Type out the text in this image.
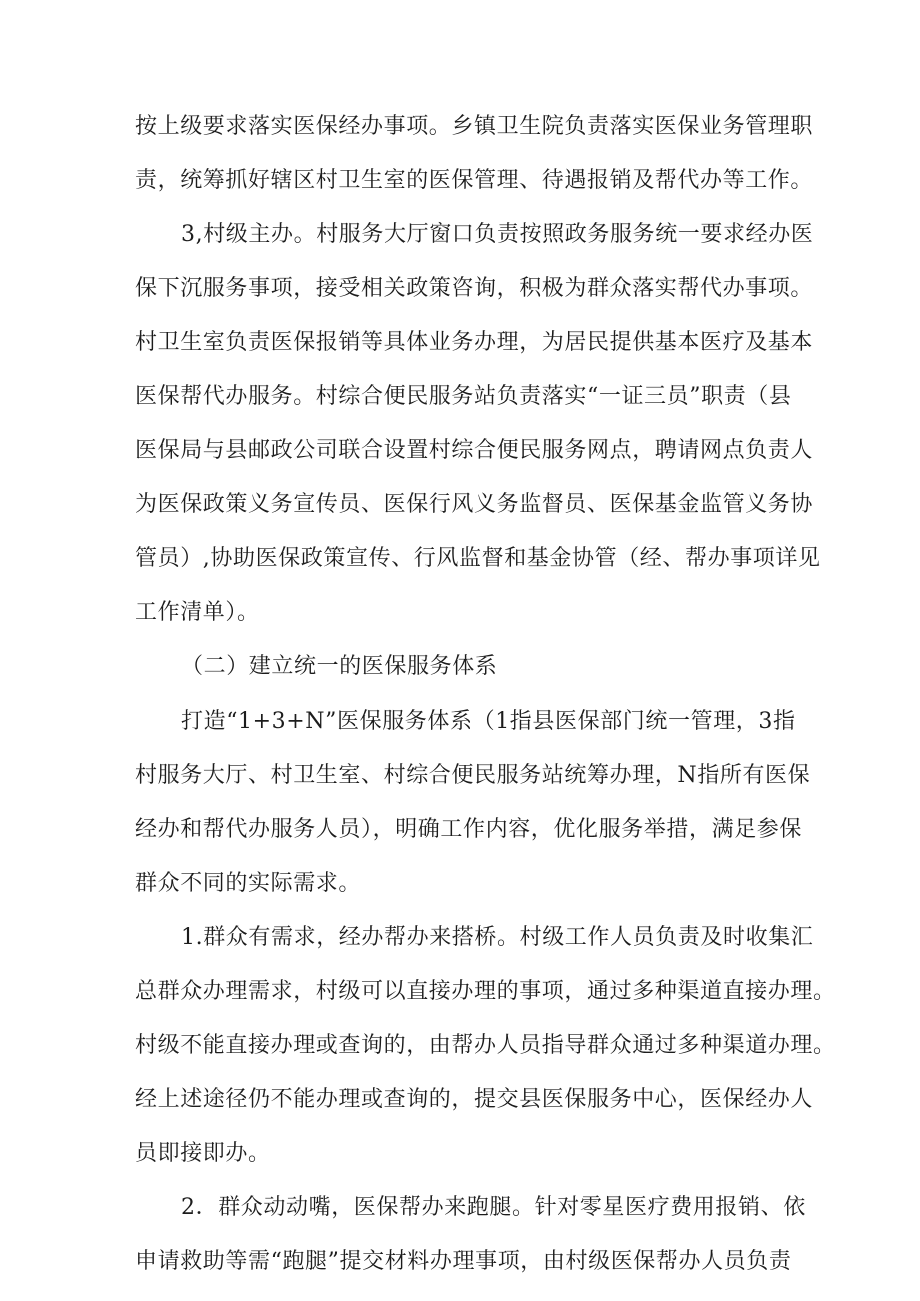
按上级要求落实医保经办事项。乡镇卫生院负责落实医保业务管理职
责，统筹抓好辖区村卫生室的医保管理、待遇报销及帮代办等工作。
3,村级主办。村服务大厅窗口负责按照政务服务统一要求经办医
保下沉服务事项，接受相关政策咨询，积极为群众落实帮代办事项。
村卫生室负责医保报销等具体业务办理，为居民提供基本医疗及基本
医保帮代办服务。村综合便民服务站负责落实“一证三员”职责（县
医保局与县邮政公司联合设置村综合便民服务网点，聘请网点负责人
为医保政策义务宣传员、医保行风义务监督员、医保基金监管义务协
管员）,协助医保政策宣传、行风监督和基金协管（经、帮办事项详见
工作清单）。
（二）建立统一的医保服务体系
打造“1+3+N”医保服务体系（1指县医保部门统一管理，3指
村服务大厅、村卫生室、村综合便民服务站统筹办理，N指所有医保
经办和帮代办服务人员），明确工作内容，优化服务举措，满足参保
群众不同的实际需求。
1.群众有需求，经办帮办来搭桥。村级工作人员负责及时收集汇
总群众办理需求，村级可以直接办理的事项，通过多种渠道直接办理。
村级不能直接办理或查询的，由帮办人员指导群众通过多种渠道办理。
经上述途径仍不能办理或查询的，提交县医保服务中心，医保经办人
员即接即办。
2．群众动动嘴，医保帮办来跑腿。针对零星医疗费用报销、依
申请救助等需“跑腿”提交材料办理事项，由村级医保帮办人员负责
